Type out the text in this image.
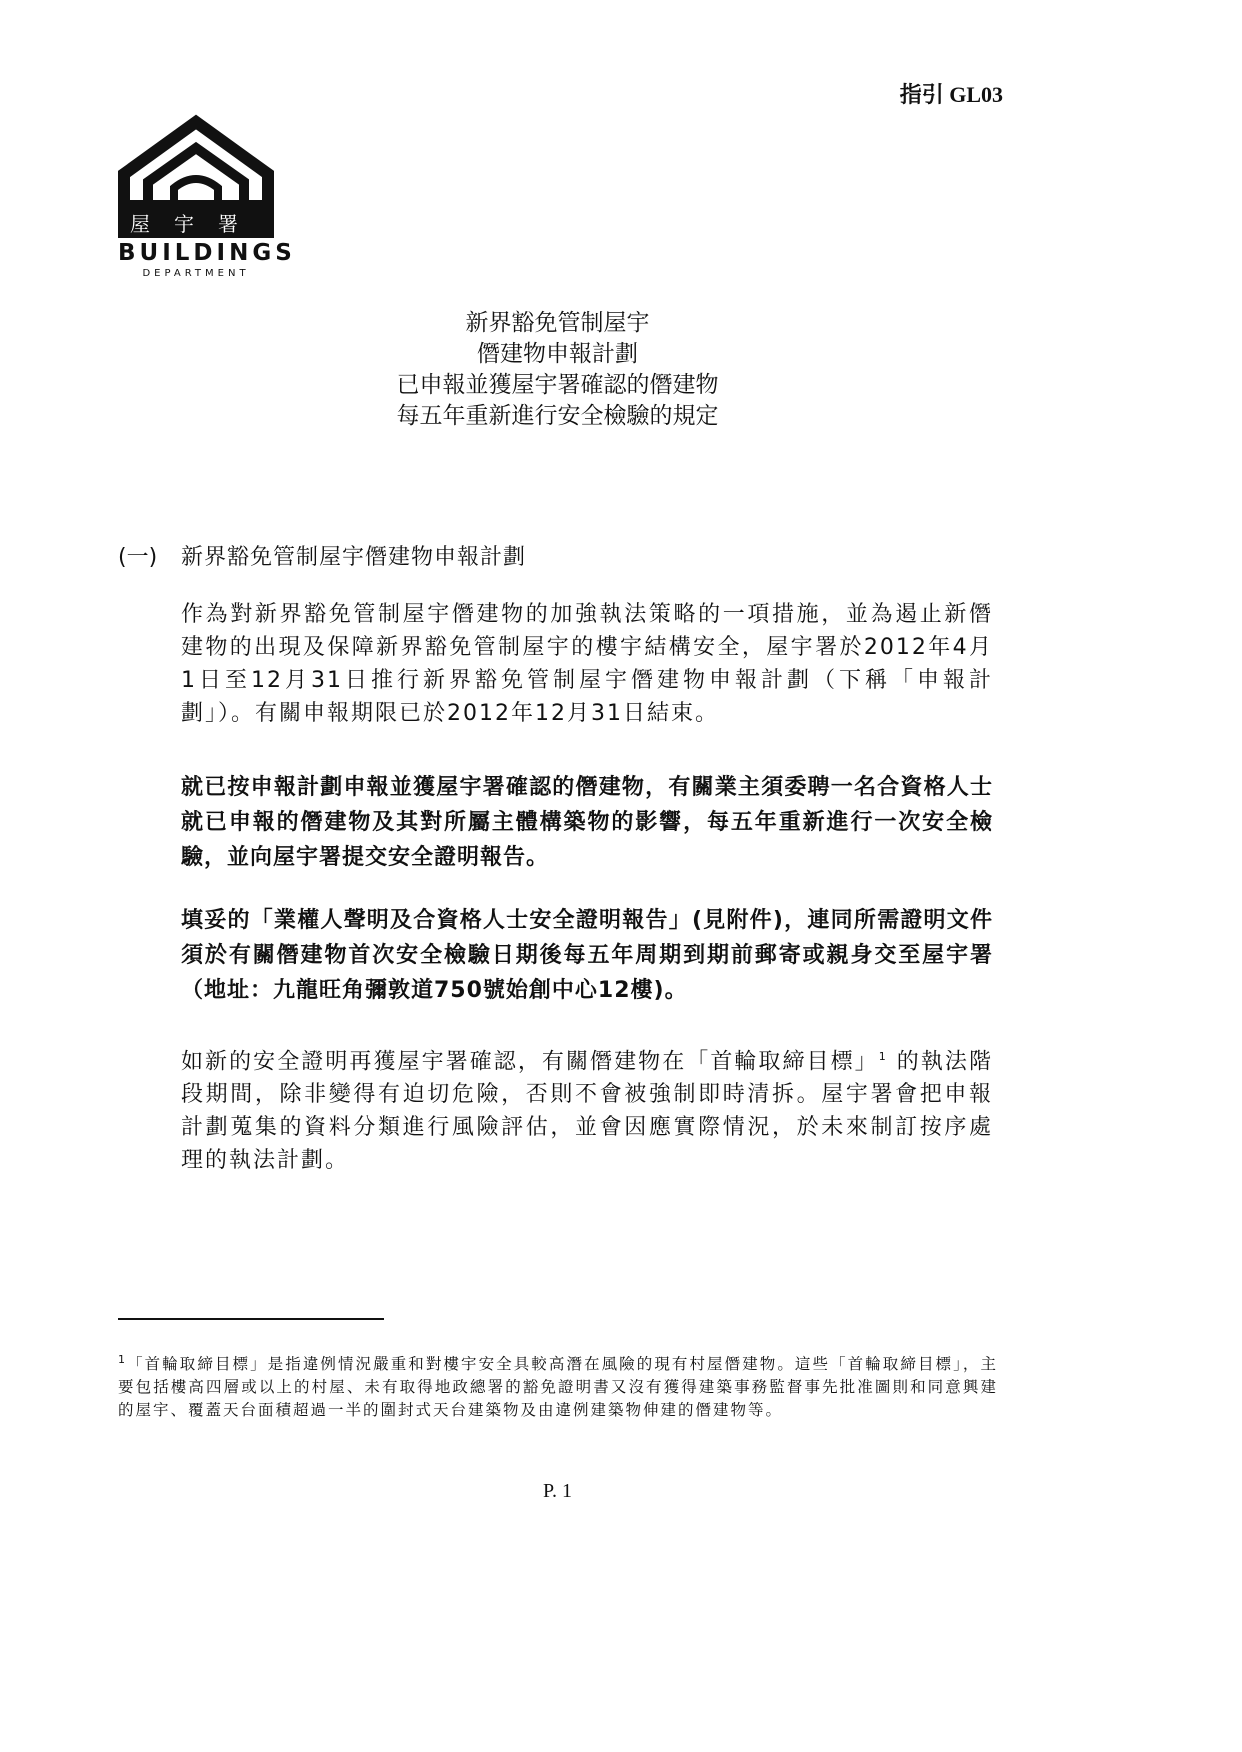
指引 GL03
屋宇署
BUILDINGS
DEPARTMENT
新界豁免管制屋宇
僭建物申報計劃
已申報並獲屋宇署確認的僭建物
每五年重新進行安全檢驗的規定
(一) 新界豁免管制屋宇僭建物申報計劃

作為對新界豁免管制屋宇僭建物的加強執法策略的一項措施，並為遏止新僭建物的出現及保障新界豁免管制屋宇的樓宇結構安全，屋宇署於2012年4月1日至12月31日推行新界豁免管制屋宇僭建物申報計劃（下稱「申報計劃」）。有關申報期限已於2012年12月31日結束。

就已按申報計劃申報並獲屋宇署確認的僭建物，有關業主須委聘一名合資格人士就已申報的僭建物及其對所屬主體構築物的影響，每五年重新進行一次安全檢驗，並向屋宇署提交安全證明報告。

填妥的「業權人聲明及合資格人士安全證明報告」(見附件)，連同所需證明文件須於有關僭建物首次安全檢驗日期後每五年周期到期前郵寄或親身交至屋宇署（地址：九龍旺角彌敦道750號始創中心12樓)。

如新的安全證明再獲屋宇署確認，有關僭建物在「首輪取締目標」$^1$ 的執法階段期間，除非變得有迫切危險，否則不會被強制即時清拆。屋宇署會把申報計劃蒐集的資料分類進行風險評估，並會因應實際情況，於未來制訂按序處理的執法計劃。

$^1$「首輪取締目標」是指違例情況嚴重和對樓宇安全具較高潛在風險的現有村屋僭建物。這些「首輪取締目標」，主要包括樓高四層或以上的村屋、未有取得地政總署的豁免證明書又沒有獲得建築事務監督事先批准圖則和同意興建的屋宇、覆蓋天台面積超過一半的圍封式天台建築物及由違例建築物伸建的僭建物等。

P. 1
